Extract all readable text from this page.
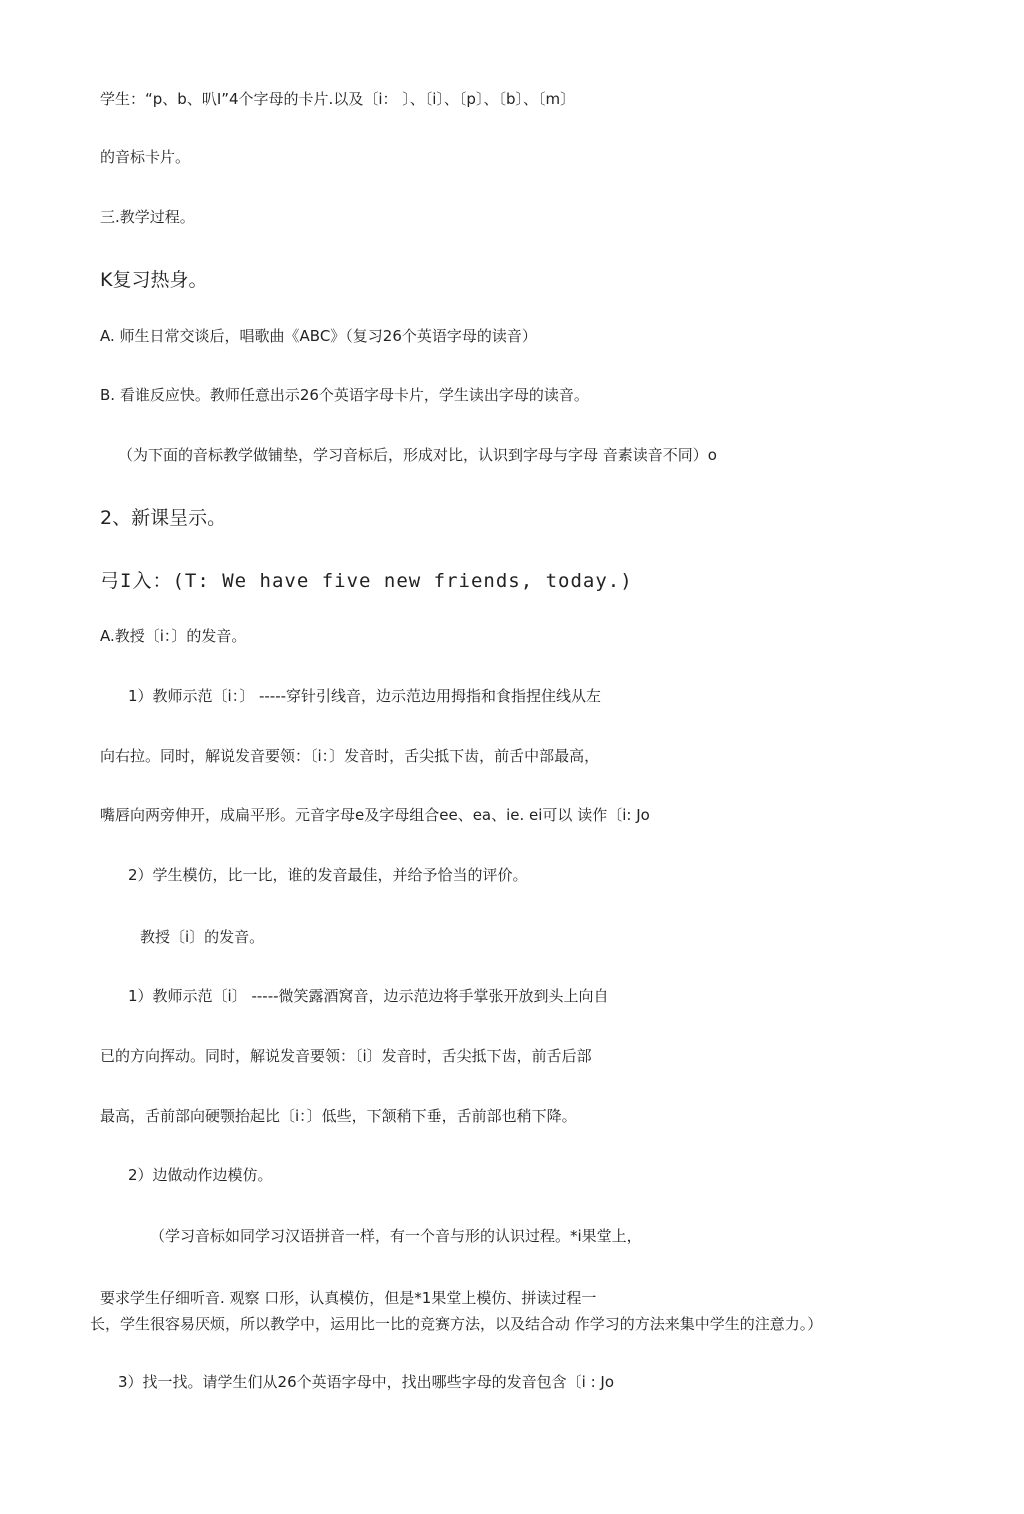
学生：“p、b、叭I”4个字母的卡片.以及〔i： 〕、〔i〕、〔p〕、〔b〕、〔m〕

的音标卡片。

三.教学过程。

K复习热身。

A. 师生日常交谈后，唱歌曲《ABC》（复习26个英语字母的读音）

B. 看谁反应快。教师任意出示26个英语字母卡片，学生读出字母的读音。

（为下面的音标教学做铺垫，学习音标后，形成对比，认识到字母与字母 音素读音不同）o

2、新课呈示。

弓I入：(T: We have five new friends, today.)

A.教授〔i：〕的发音。

1）教师示范〔i：〕 -----穿针引线音，边示范边用拇指和食指捏住线从左

向右拉。同时，解说发音要领：〔i：〕发音时，舌尖抵下齿，前舌中部最高，

嘴唇向两旁伸开，成扁平形。元音字母e及字母组合ee、ea、ie. ei可以 读作〔i: Jo

2）学生模仿，比一比，谁的发音最佳，并给予恰当的评价。

教授〔i〕的发音。

1）教师示范〔i〕 -----微笑露酒窝音，边示范边将手掌张开放到头上向自

已的方向挥动。同时，解说发音要领：〔i〕发音时，舌尖抵下齿，前舌后部

最高，舌前部向硬颚抬起比〔i：〕低些，下颔稍下垂，舌前部也稍下降。

2）边做动作边模仿。

（学习音标如同学习汉语拼音一样，有一个音与形的认识过程。*i果堂上，

要求学生仔细听音. 观察 口形，认真模仿，但是*1果堂上模仿、拼读过程一

长，学生很容易厌烦，所以教学中，运用比一比的竞赛方法，以及结合动 作学习的方法来集中学生的注意力。）

3）找一找。请学生们从26个英语字母中，找出哪些字母的发音包含〔i : Jo
